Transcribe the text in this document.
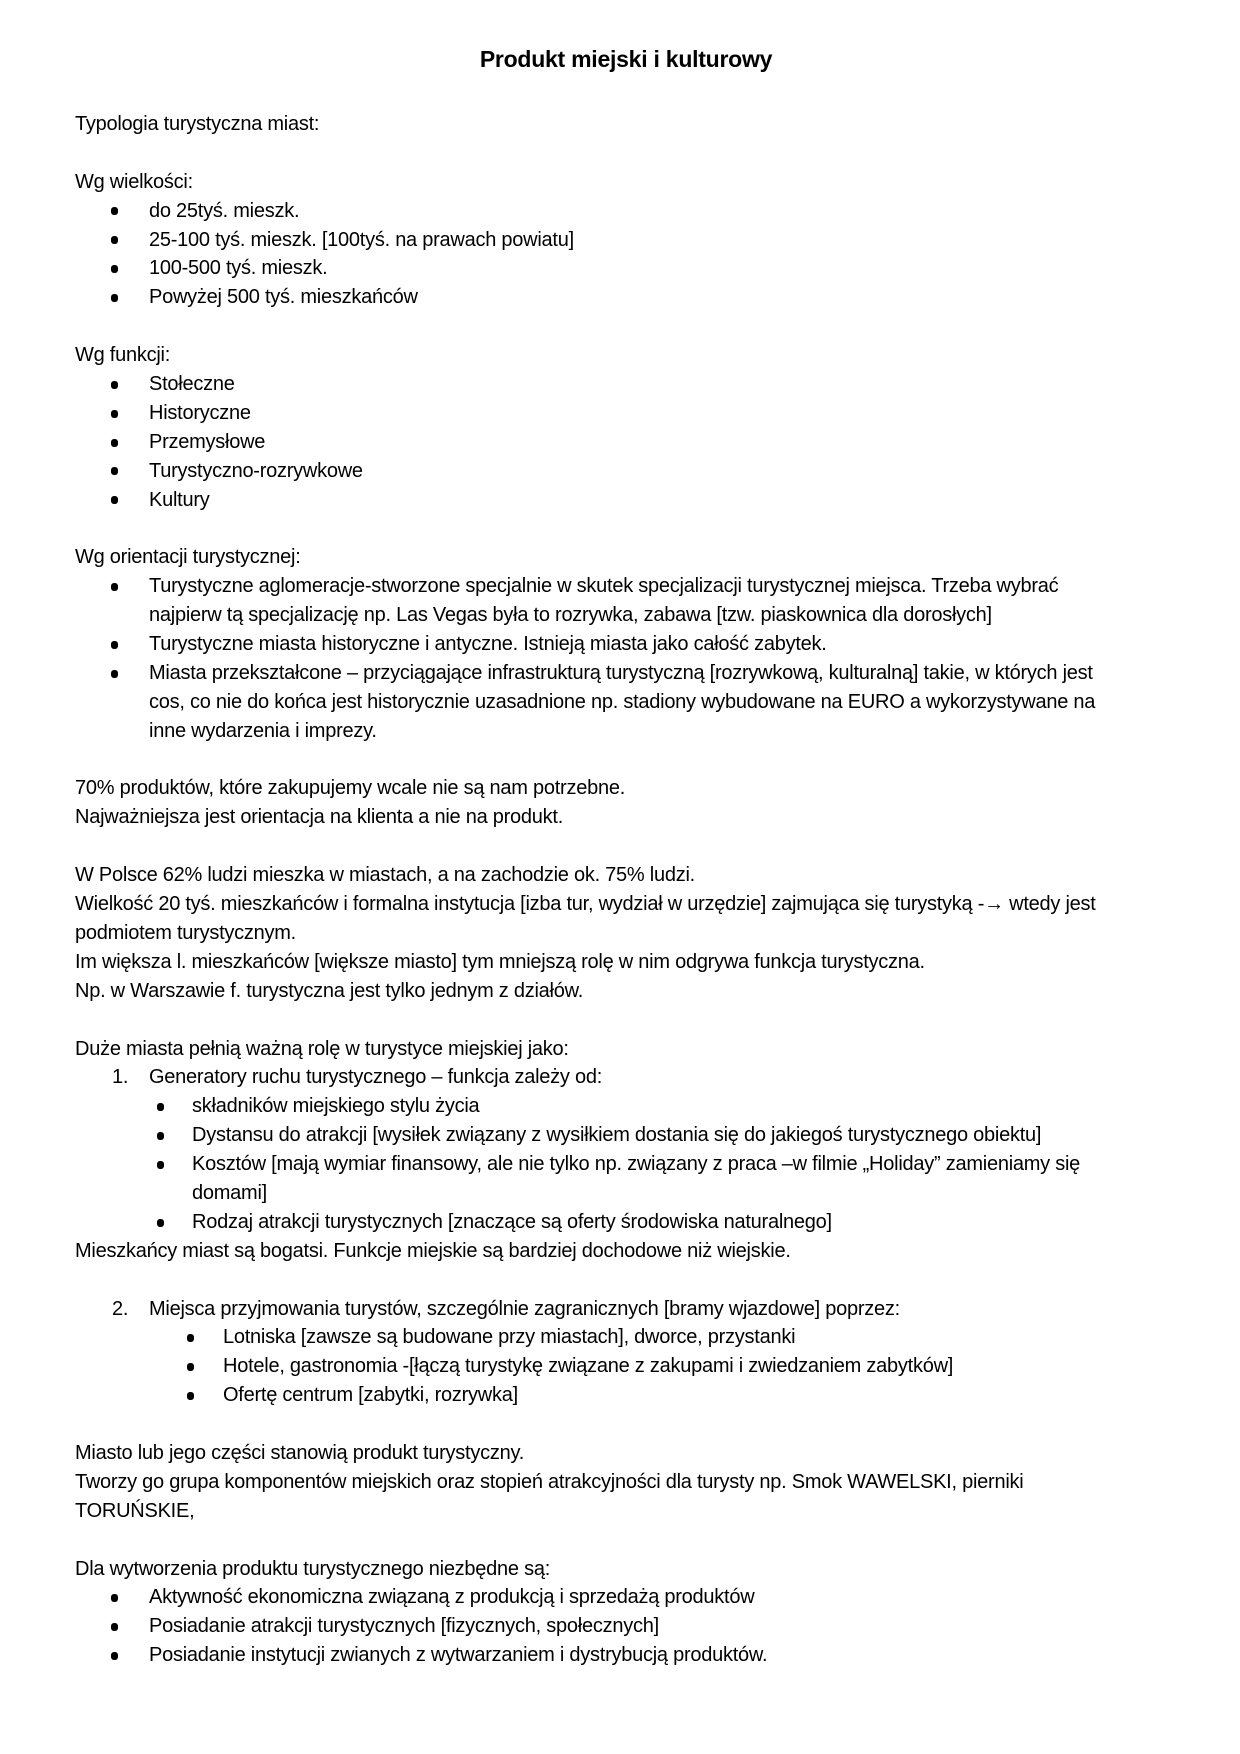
Produkt miejski i kulturowy
Typologia turystyczna miast:
Wg wielkości:
do 25tyś. mieszk.
25-100 tyś. mieszk. [100tyś. na prawach powiatu]
100-500 tyś. mieszk.
Powyżej 500 tyś. mieszkańców
Wg funkcji:
Stołeczne
Historyczne
Przemysłowe
Turystyczno-rozrywkowe
Kultury
Wg orientacji turystycznej:
Turystyczne aglomeracje-stworzone specjalnie w skutek specjalizacji turystycznej miejsca. Trzeba wybrać
najpierw tą specjalizację np. Las Vegas była to rozrywka, zabawa [tzw. piaskownica dla dorosłych]
Turystyczne miasta historyczne i antyczne. Istnieją miasta jako całość zabytek.
Miasta przekształcone – przyciągające infrastrukturą turystyczną [rozrywkową, kulturalną] takie, w których jest
cos, co nie do końca jest historycznie uzasadnione np. stadiony wybudowane na EURO a wykorzystywane na
inne wydarzenia i imprezy.
70% produktów, które zakupujemy wcale nie są nam potrzebne.
Najważniejsza jest orientacja na klienta a nie na produkt.
W Polsce 62% ludzi mieszka w miastach, a na zachodzie ok. 75% ludzi.
Wielkość 20 tyś. mieszkańców i formalna instytucja [izba tur, wydział w urzędzie] zajmująca się turystyką -→ wtedy jest
podmiotem turystycznym.
Im większa l. mieszkańców [większe miasto] tym mniejszą rolę w nim odgrywa funkcja turystyczna.
Np. w Warszawie f. turystyczna jest tylko jednym z działów.
Duże miasta pełnią ważną rolę w turystyce miejskiej jako:
1. Generatory ruchu turystycznego – funkcja zależy od:
składników miejskiego stylu życia
Dystansu do atrakcji [wysiłek związany z wysiłkiem dostania się do jakiegoś turystycznego obiektu]
Kosztów [mają wymiar finansowy, ale nie tylko np. związany z praca –w filmie „Holiday” zamieniamy się
domami]
Rodzaj atrakcji turystycznych [znaczące są oferty środowiska naturalnego]
Mieszkańcy miast są bogatsi. Funkcje miejskie są bardziej dochodowe niż wiejskie.
2. Miejsca przyjmowania turystów, szczególnie zagranicznych [bramy wjazdowe] poprzez:
Lotniska [zawsze są budowane przy miastach], dworce, przystanki
Hotele, gastronomia -[łączą turystykę związane z zakupami i zwiedzaniem zabytków]
Ofertę centrum [zabytki, rozrywka]
Miasto lub jego części stanowią produkt turystyczny.
Tworzy go grupa komponentów miejskich oraz stopień atrakcyjności dla turysty np. Smok WAWELSKI, pierniki
TORUŃSKIE,
Dla wytworzenia produktu turystycznego niezbędne są:
Aktywność ekonomiczna związaną z produkcją i sprzedażą produktów
Posiadanie atrakcji turystycznych [fizycznych, społecznych]
Posiadanie instytucji zwianych z wytwarzaniem i dystrybucją produktów.
